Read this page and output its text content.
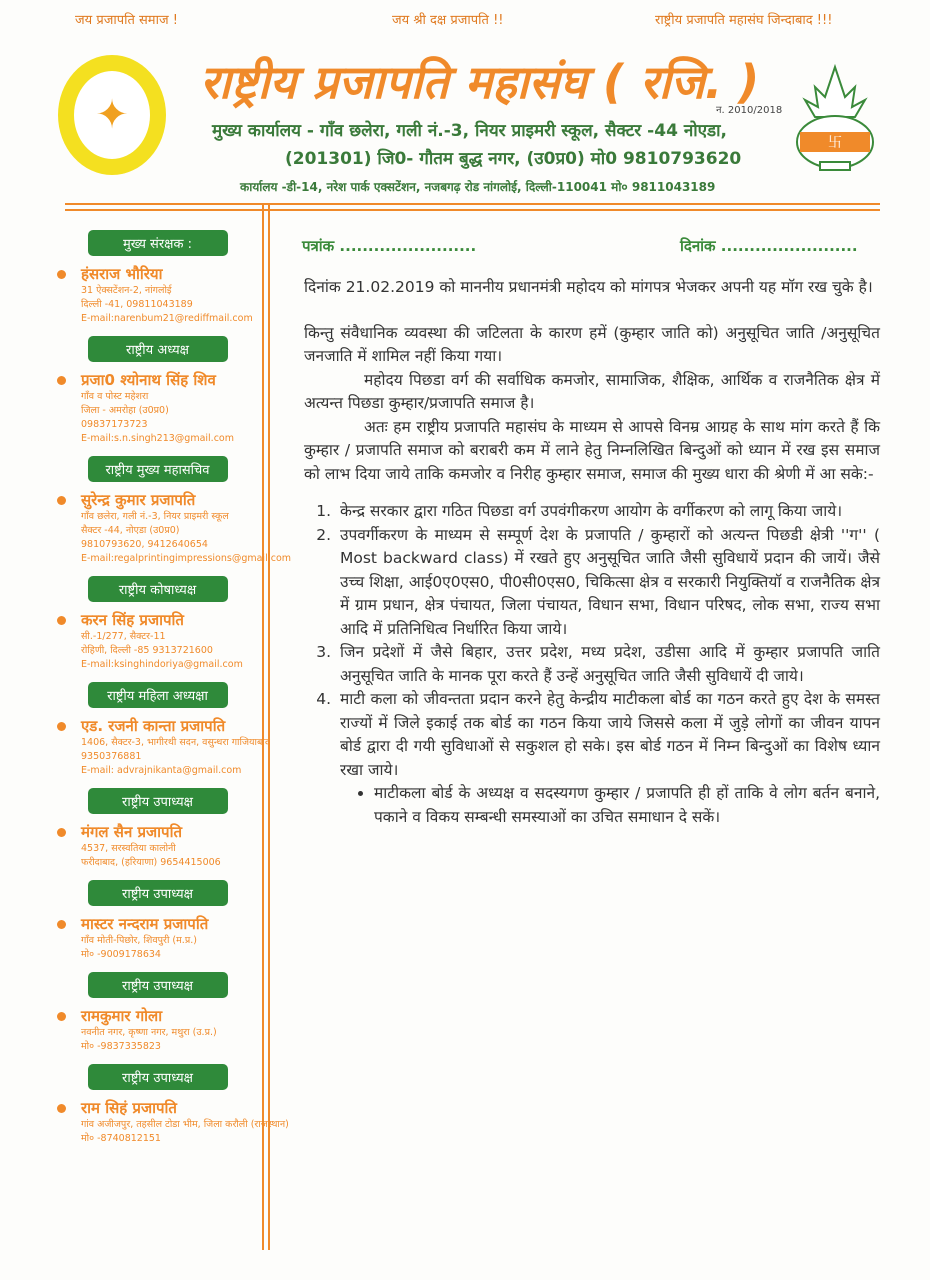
जय प्रजापति समाज !	जय श्री दक्ष प्रजापति !!	राष्ट्रीय प्रजापति महासंघ जिन्दाबाद !!!
✦
राष्ट्रीय प्रजापति महासंघ ( रजि. )
न. 2010/2018
卐
मुख्य कार्यालय - गाँव छलेरा, गली नं.-3, नियर प्राइमरी स्कूल, सैक्टर -44 नोएडा,
(201301) जि0- गौतम बुद्ध नगर, (उ0प्र0) मो0 9810793620
कार्यालय -डी-14, नरेश पार्क एक्सटेंशन, नजबगढ़ रोड नांगलोई, दिल्ली-110041 मो० 9811043189
मुख्य संरक्षक :
हंसराज भौरिया
31 ऐक्सटेंशन-2, नांगलोई
दिल्ली -41, 09811043189
E-mail:narenbum21@rediffmail.com
राष्ट्रीय अध्यक्ष
प्रजा0 श्योनाथ सिंह शिव
गाँव व पोस्ट महेशरा
जिला - अमरोहा (उ0प्र0)
09837173723
E-mail:s.n.singh213@gmail.com
राष्ट्रीय मुख्य महासचिव
सुरेन्द्र कुमार प्रजापति
गाँव छलेरा, गली नं.-3, नियर प्राइमरी स्कूल
सैक्टर -44, नोएडा (उ0प्र0)
9810793620, 9412640654
E-mail:regalprintingimpressions@gmail.com
राष्ट्रीय कोषाध्यक्ष
करन सिंह प्रजापति
सी.-1/277, सैक्टर-11
रोहिणी, दिल्ली -85 9313721600
E-mail:ksinghindoriya@gmail.com
राष्ट्रीय महिला अध्यक्षा
एड. रजनी कान्ता प्रजापति
1406, सैक्टर-3, भागीरथी सदन, वसुन्धरा गाजियाबाद
9350376881
E-mail: advrajnikanta@gmail.com
राष्ट्रीय उपाध्यक्ष
मंगल सैन प्रजापति
4537, सरस्वतिया कालोनी
फरीदाबाद, (हरियाणा) 9654415006
राष्ट्रीय उपाध्यक्ष
मास्टर नन्दराम प्रजापति
गाँव मोती-पिछोर, शिवपुरी (म.प्र.)
मो० -9009178634
राष्ट्रीय उपाध्यक्ष
रामकुमार गोला
नवनीत नगर, कृष्णा नगर, मथुरा (उ.प्र.)
मो० -9837335823
राष्ट्रीय उपाध्यक्ष
राम सिहं प्रजापति
गांव अजीजपुर, तहसील टोडा भीम, जिला करौली (राजस्थान)
मो० -8740812151
पत्रांक ........................	दिनांक ........................

दिनांक 21.02.2019 को माननीय प्रधानमंत्री महोदय को मांगपत्र भेजकर अपनी यह मॉग रख चुके है।

किन्तु संवैधानिक व्यवस्था की जटिलता के कारण हमें (कुम्हार जाति को) अनुसूचित जाति /अनुसूचित जनजाति में शामिल नहीं किया गया।

महोदय पिछडा वर्ग की सर्वाधिक कमजोर, सामाजिक, शैक्षिक, आर्थिक व राजनैतिक क्षेत्र में अत्यन्त पिछडा कुम्हार/प्रजापति समाज है।

अतः हम राष्ट्रीय प्रजापति महासंघ के माध्यम से आपसे विनम्र आग्रह के साथ मांग करते हैं कि कुम्हार / प्रजापति समाज को बराबरी कम में लाने हेतु निम्नलिखित बिन्दुओं को ध्यान में रख इस समाज को लाभ दिया जाये ताकि कमजोर व निरीह कुम्हार समाज, समाज की मुख्य धारा की श्रेणी में आ सके:-

1. केन्द्र सरकार द्वारा गठित पिछडा वर्ग उपवंगीकरण आयोग के वर्गीकरण को लागू किया जाये।
2. उपवर्गीकरण के माध्यम से सम्पूर्ण देश के प्रजापति / कुम्हारों को अत्यन्त पिछडी क्षेत्री ''ग'' ( Most backward class) में रखते हुए अनुसूचित जाति जैसी सुविधायें प्रदान की जायें। जैसे उच्च शिक्षा, आई0ए0एस0, पी0सी0एस0, चिकित्सा क्षेत्र व सरकारी नियुक्तियॉ व राजनैतिक क्षेत्र में ग्राम प्रधान, क्षेत्र पंचायत, जिला पंचायत, विधान सभा, विधान परिषद, लोक सभा, राज्य सभा आदि में प्रतिनिधित्व निर्धारित किया जाये।
3. जिन प्रदेशों में जैसे बिहार, उत्तर प्रदेश, मध्य प्रदेश, उडीसा आदि में कुम्हार प्रजापति जाति अनुसूचित जाति के मानक पूरा करते हैं उन्हें अनुसूचित जाति जैसी सुविधायें दी जाये।
4. माटी कला को जीवन्तता प्रदान करने हेतु केन्द्रीय माटीकला बोर्ड का गठन करते हुए देश के समस्त राज्यों में जिले इकाई तक बोर्ड का गठन किया जाये जिससे कला में जुड़े लोगों का जीवन यापन बोर्ड द्वारा दी गयी सुविधाओं से सकुशल हो सके। इस बोर्ड गठन में निम्न बिन्दुओं का विशेष ध्यान रखा जाये।
• माटीकला बोर्ड के अध्यक्ष व सदस्यगण कुम्हार / प्रजापति ही हों ताकि वे लोग बर्तन बनाने, पकाने व विकय सम्बन्धी समस्याओं का उचित समाधान दे सकें।
